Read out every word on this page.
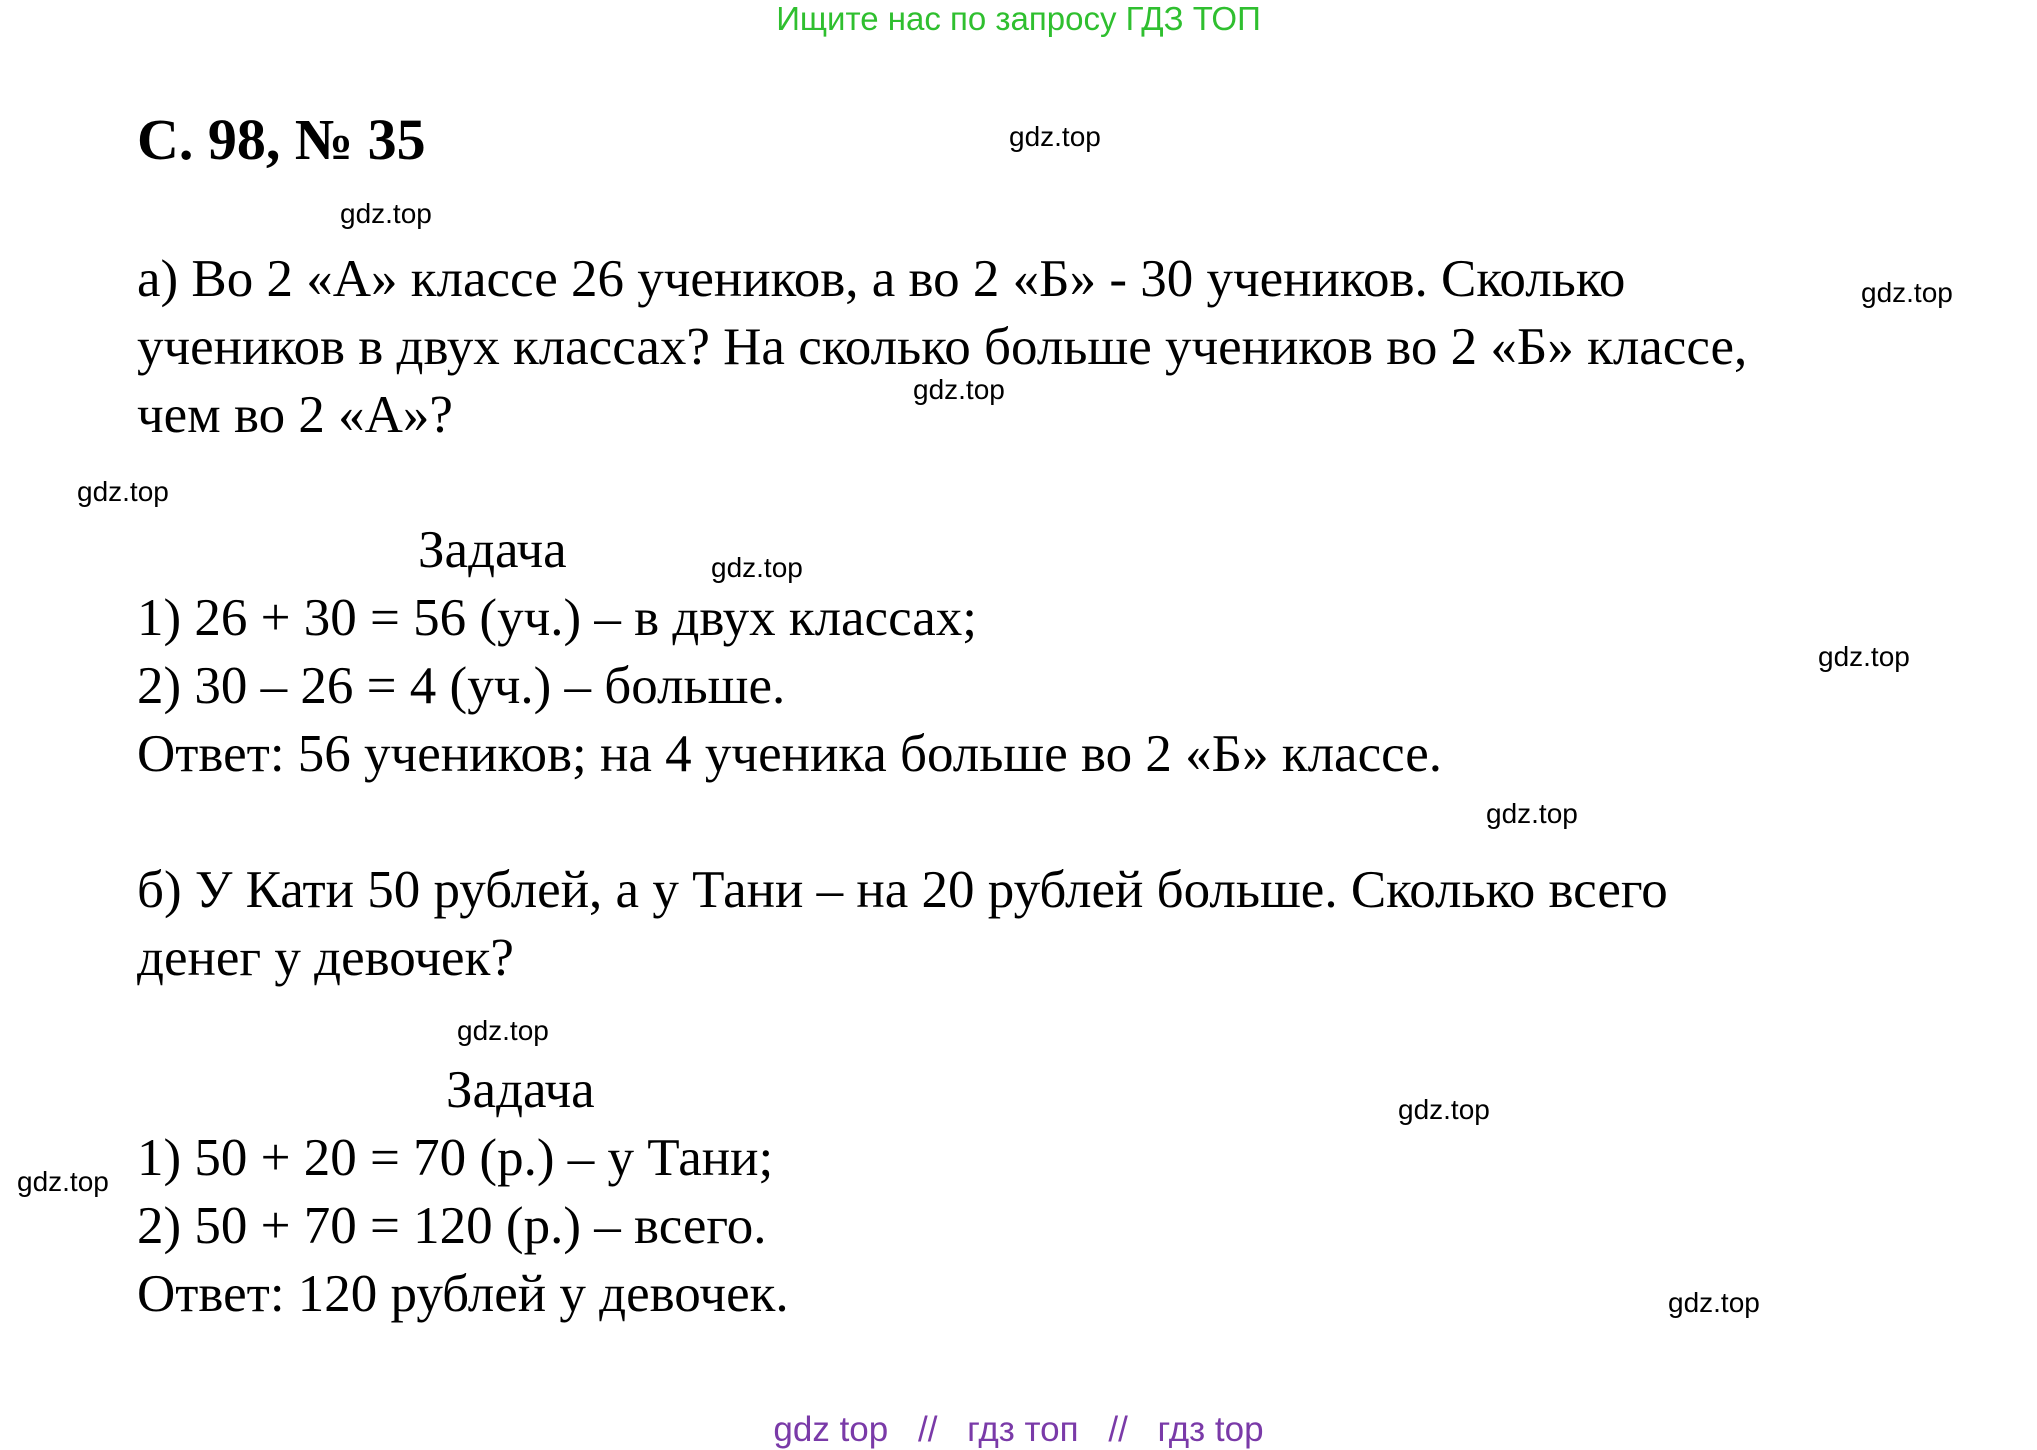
Ищите нас по запросу ГДЗ ТОП
С. 98, № 35
а) Во 2 «А» классе 26 учеников, а во 2 «Б» - 30 учеников. Сколько
учеников в двух классах? На сколько больше учеников во 2 «Б» классе,
чем во 2 «А»?
Задача
1) 26 + 30 = 56 (уч.) – в двух классах;
2) 30 – 26 = 4 (уч.) – больше.
Ответ: 56 учеников; на 4 ученика больше во 2 «Б» классе.
б) У Кати 50 рублей, а у Тани – на 20 рублей больше. Сколько всего
денег у девочек?
Задача
1) 50 + 20 = 70 (р.) – у Тани;
2) 50 + 70 = 120 (р.) – всего.
Ответ: 120 рублей у девочек.
gdz.top
gdz.top
gdz.top
gdz.top
gdz.top
gdz.top
gdz.top
gdz.top
gdz.top
gdz.top
gdz.top
gdz.top
gdz top // гдз топ // гдз top
